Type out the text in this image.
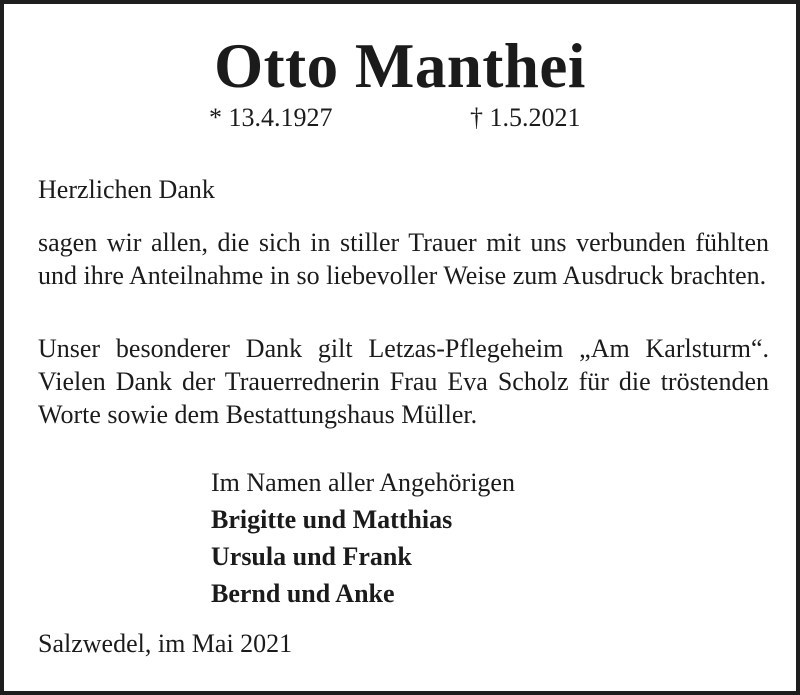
Otto Manthei
* 13.4.1927	† 1.5.2021
Herzlichen Dank

sagen wir allen, die sich in stiller Trauer mit uns verbunden fühlten und ihre Anteilnahme in so liebevoller Weise zum Ausdruck brachten.

Unser besonderer Dank gilt Letzas-Pflegeheim „Am Karlsturm“. Vielen Dank der Trauerrednerin Frau Eva Scholz für die tröstenden Worte sowie dem Bestattungshaus Müller.

Im Namen aller Angehörigen
Brigitte und Matthias
Ursula und Frank
Bernd und Anke
Salzwedel, im Mai 2021
